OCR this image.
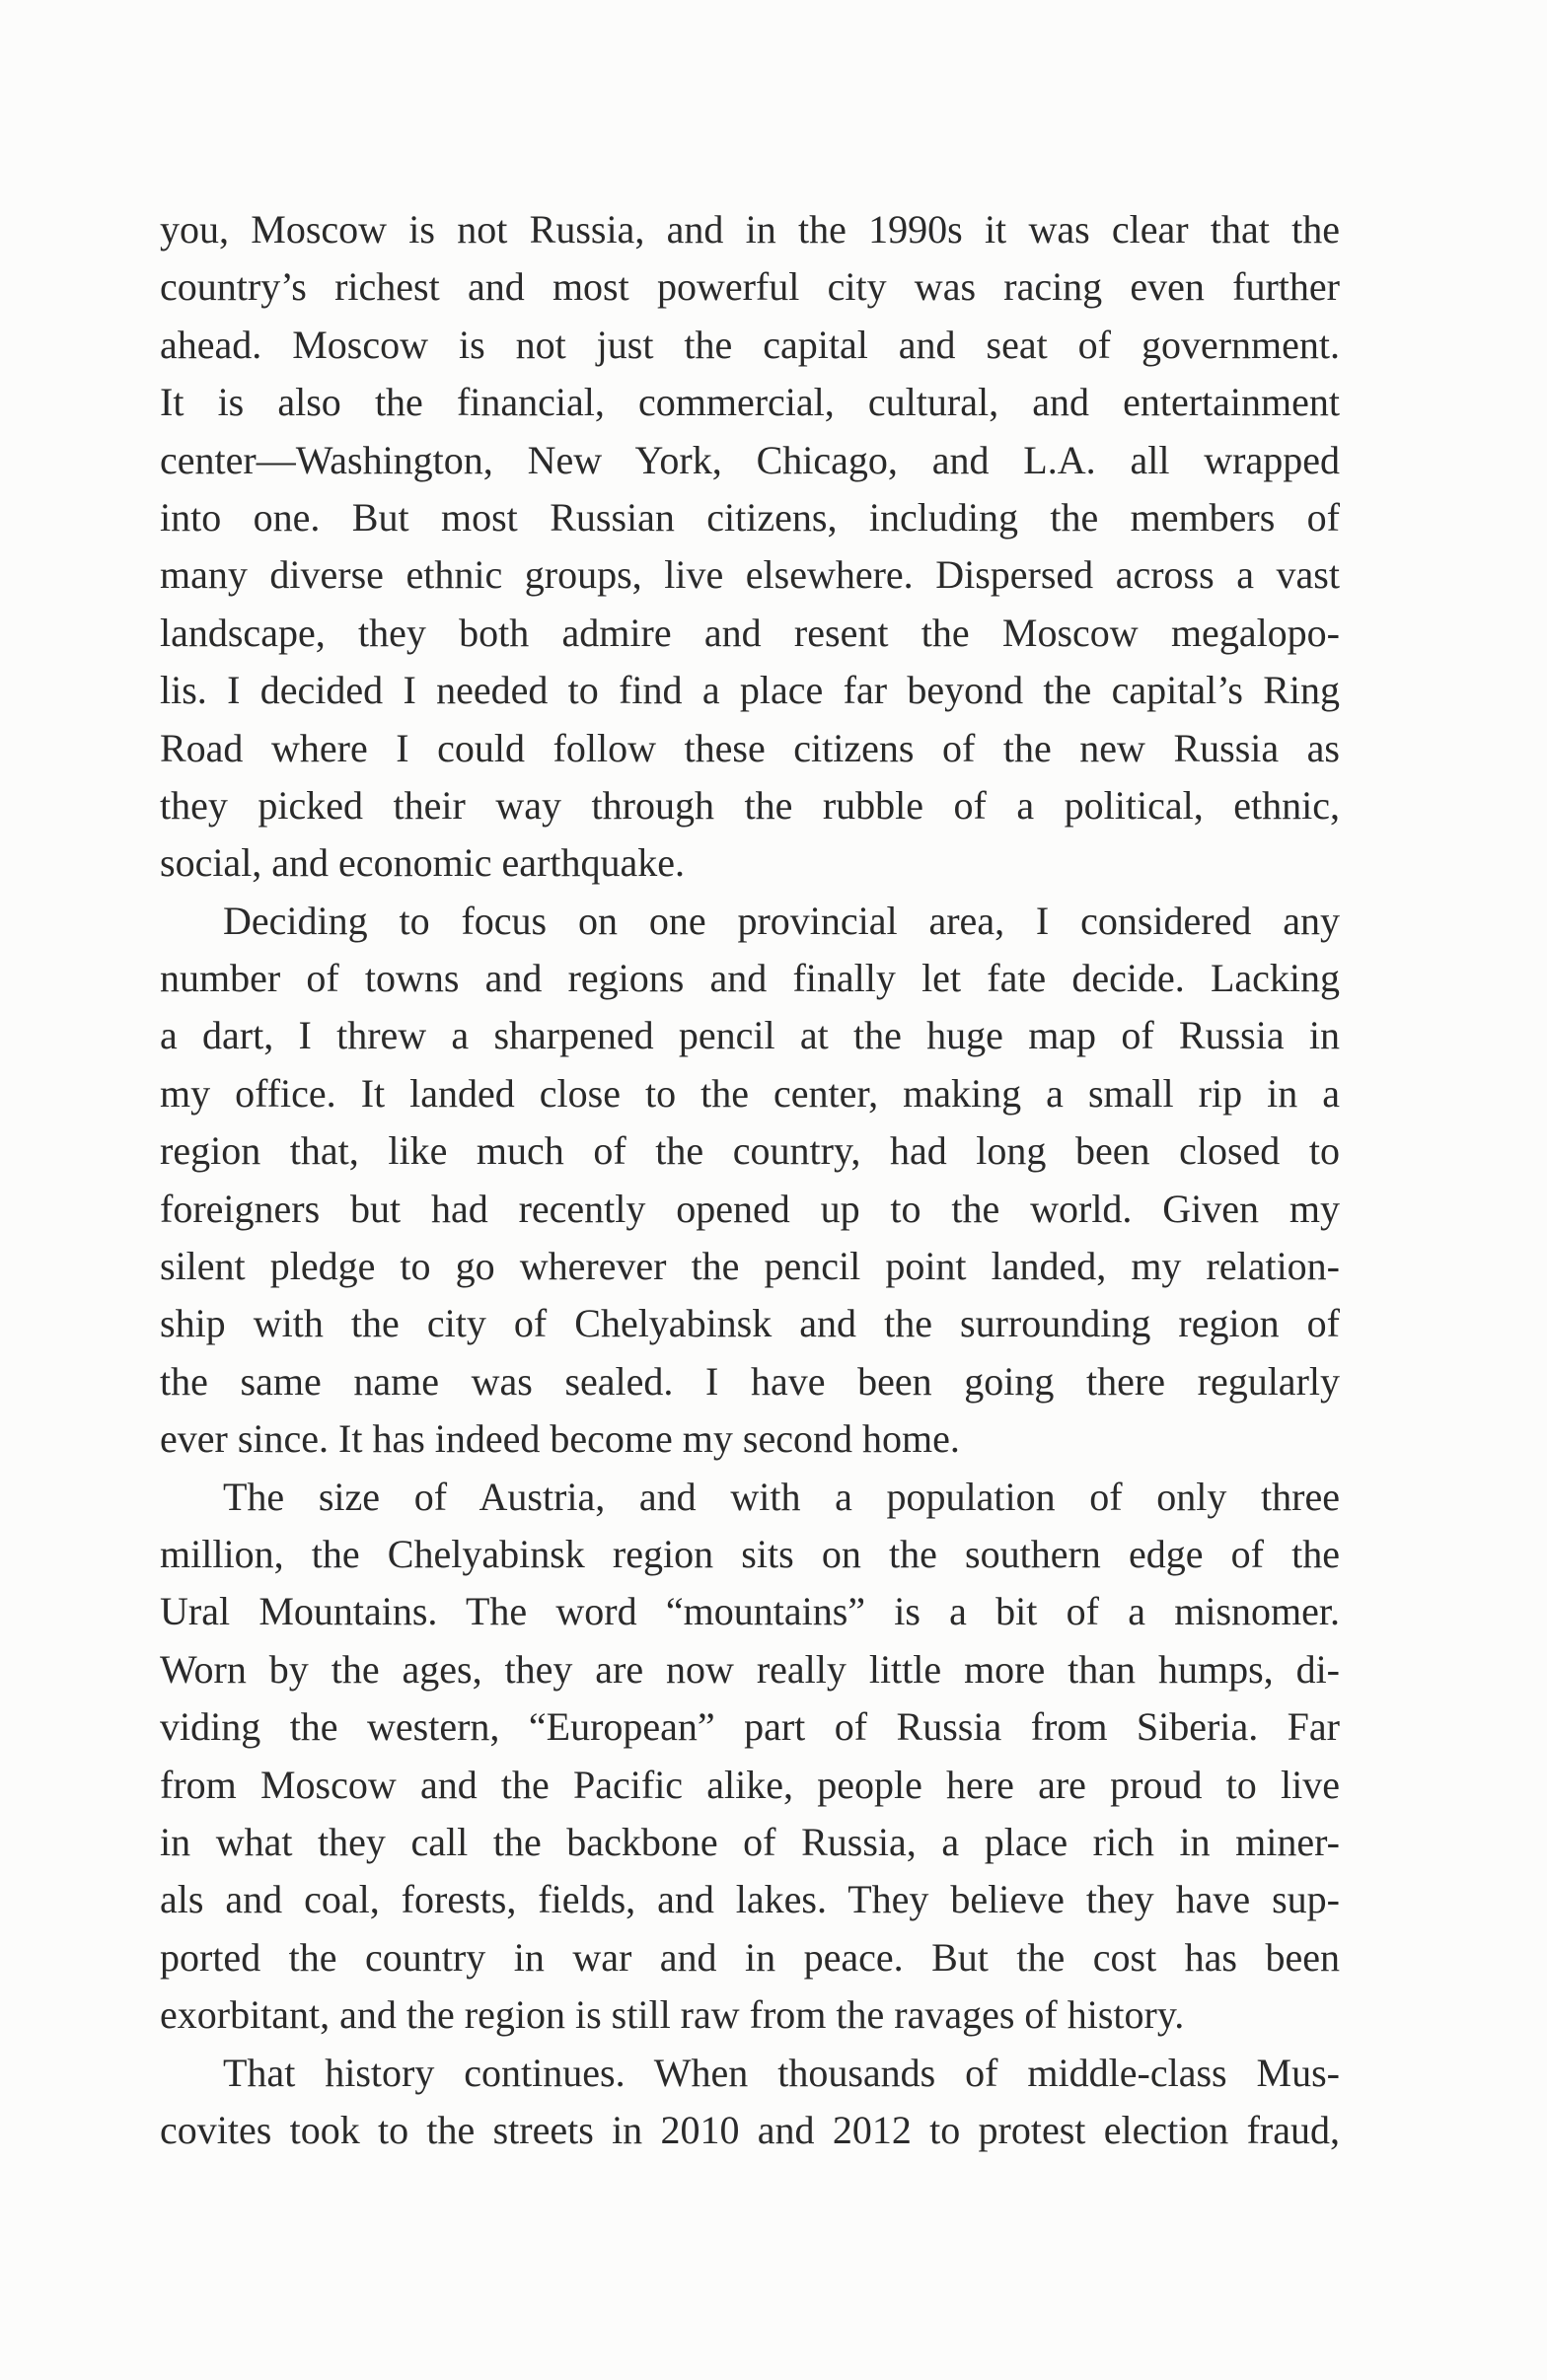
you, Moscow is not Russia, and in the 1990s it was clear that the
country’s richest and most powerful city was racing even further
ahead. Moscow is not just the capital and seat of government.
It is also the financial, commercial, cultural, and entertainment
center—Washington, New York, Chicago, and L.A. all wrapped
into one. But most Russian citizens, including the members of
many diverse ethnic groups, live elsewhere. Dispersed across a vast
landscape, they both admire and resent the Moscow megalopo-
lis. I decided I needed to find a place far beyond the capital’s Ring
Road where I could follow these citizens of the new Russia as
they picked their way through the rubble of a political, ethnic,
social, and economic earthquake.

Deciding to focus on one provincial area, I considered any
number of towns and regions and finally let fate decide. Lacking
a dart, I threw a sharpened pencil at the huge map of Russia in
my office. It landed close to the center, making a small rip in a
region that, like much of the country, had long been closed to
foreigners but had recently opened up to the world. Given my
silent pledge to go wherever the pencil point landed, my relation-
ship with the city of Chelyabinsk and the surrounding region of
the same name was sealed. I have been going there regularly
ever since. It has indeed become my second home.

The size of Austria, and with a population of only three
million, the Chelyabinsk region sits on the southern edge of the
Ural Mountains. The word “mountains” is a bit of a misnomer.
Worn by the ages, they are now really little more than humps, di-
viding the western, “European” part of Russia from Siberia. Far
from Moscow and the Pacific alike, people here are proud to live
in what they call the backbone of Russia, a place rich in miner-
als and coal, forests, fields, and lakes. They believe they have sup-
ported the country in war and in peace. But the cost has been
exorbitant, and the region is still raw from the ravages of history.

That history continues. When thousands of middle-class Mus-
covites took to the streets in 2010 and 2012 to protest election fraud,
